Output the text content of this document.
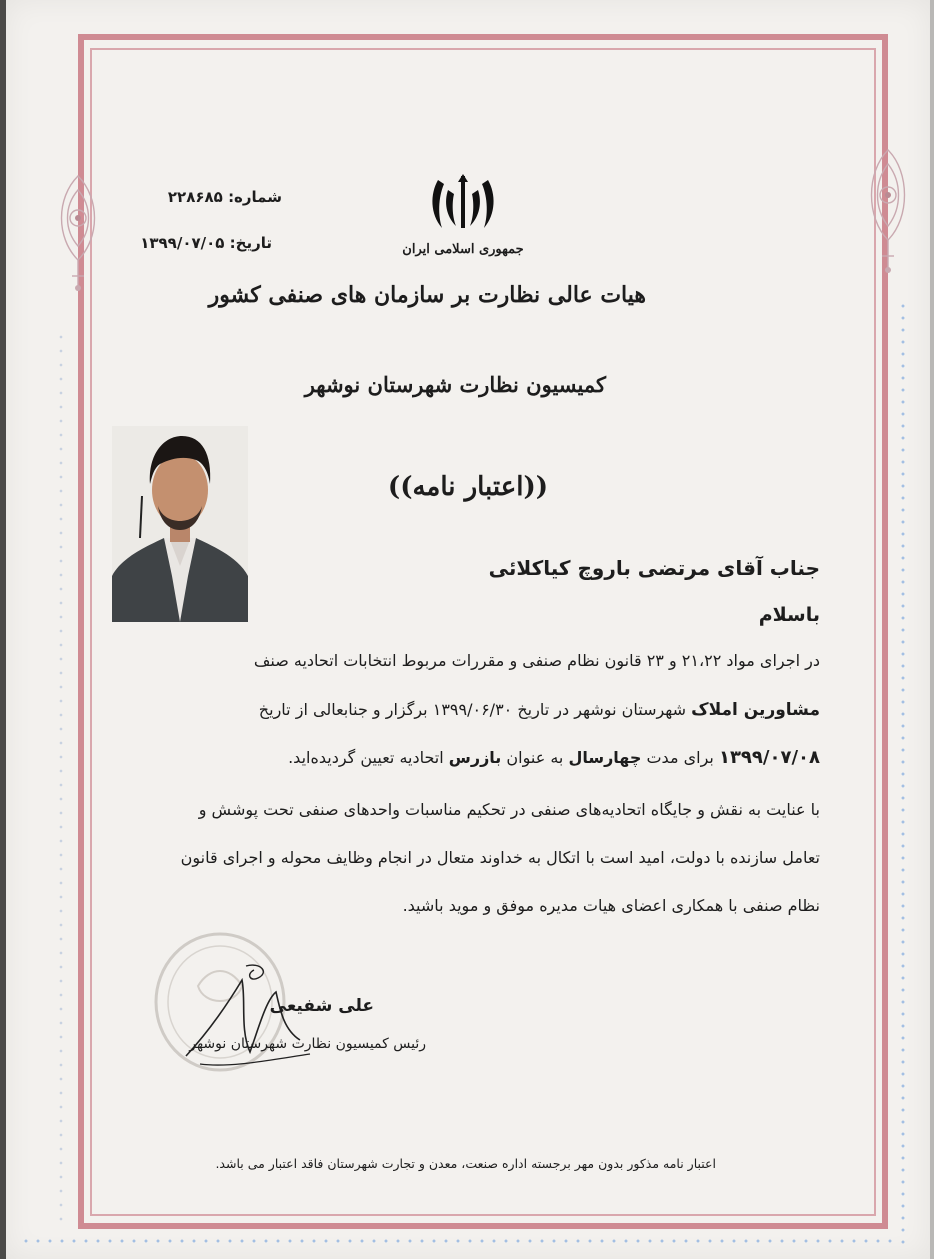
شماره: ۲۲۸۶۸۵
تاریخ: ۱۳۹۹/۰۷/۰۵	جمهوری اسلامی ایران
هیات عالی نظارت بر سازمان های صنفی کشور
کمیسیون نظارت شهرستان نوشهر
((اعتبار نامه))
جناب آقای مرتضی باروچ کیاکلائی
باسلام
در اجرای مواد ۲۱،۲۲ و ۲۳ قانون نظام صنفی و مقررات مربوط انتخابات اتحادیه صنف
مشاورین املاک شهرستان نوشهر در تاریخ ۱۳۹۹/۰۶/۳۰ برگزار و جنابعالی از تاریخ
۱۳۹۹/۰۷/۰۸ برای مدت چهارسال به عنوان بازرس اتحادیه تعیین گردیده‌اید.
با عنایت به نقش و جایگاه اتحادیه‌های صنفی در تحکیم مناسبات واحدهای صنفی تحت پوشش و
تعامل سازنده با دولت، امید است با اتکال به خداوند متعال در انجام وظایف محوله و اجرای قانون
نظام صنفی با همکاری اعضای هیات مدیره موفق و موید باشید.
علی شفیعی
رئیس کمیسیون نظارت شهرستان نوشهر
اعتبار نامه مذکور بدون مهر برجسته اداره صنعت، معدن و تجارت شهرستان فاقد اعتبار می باشد.
